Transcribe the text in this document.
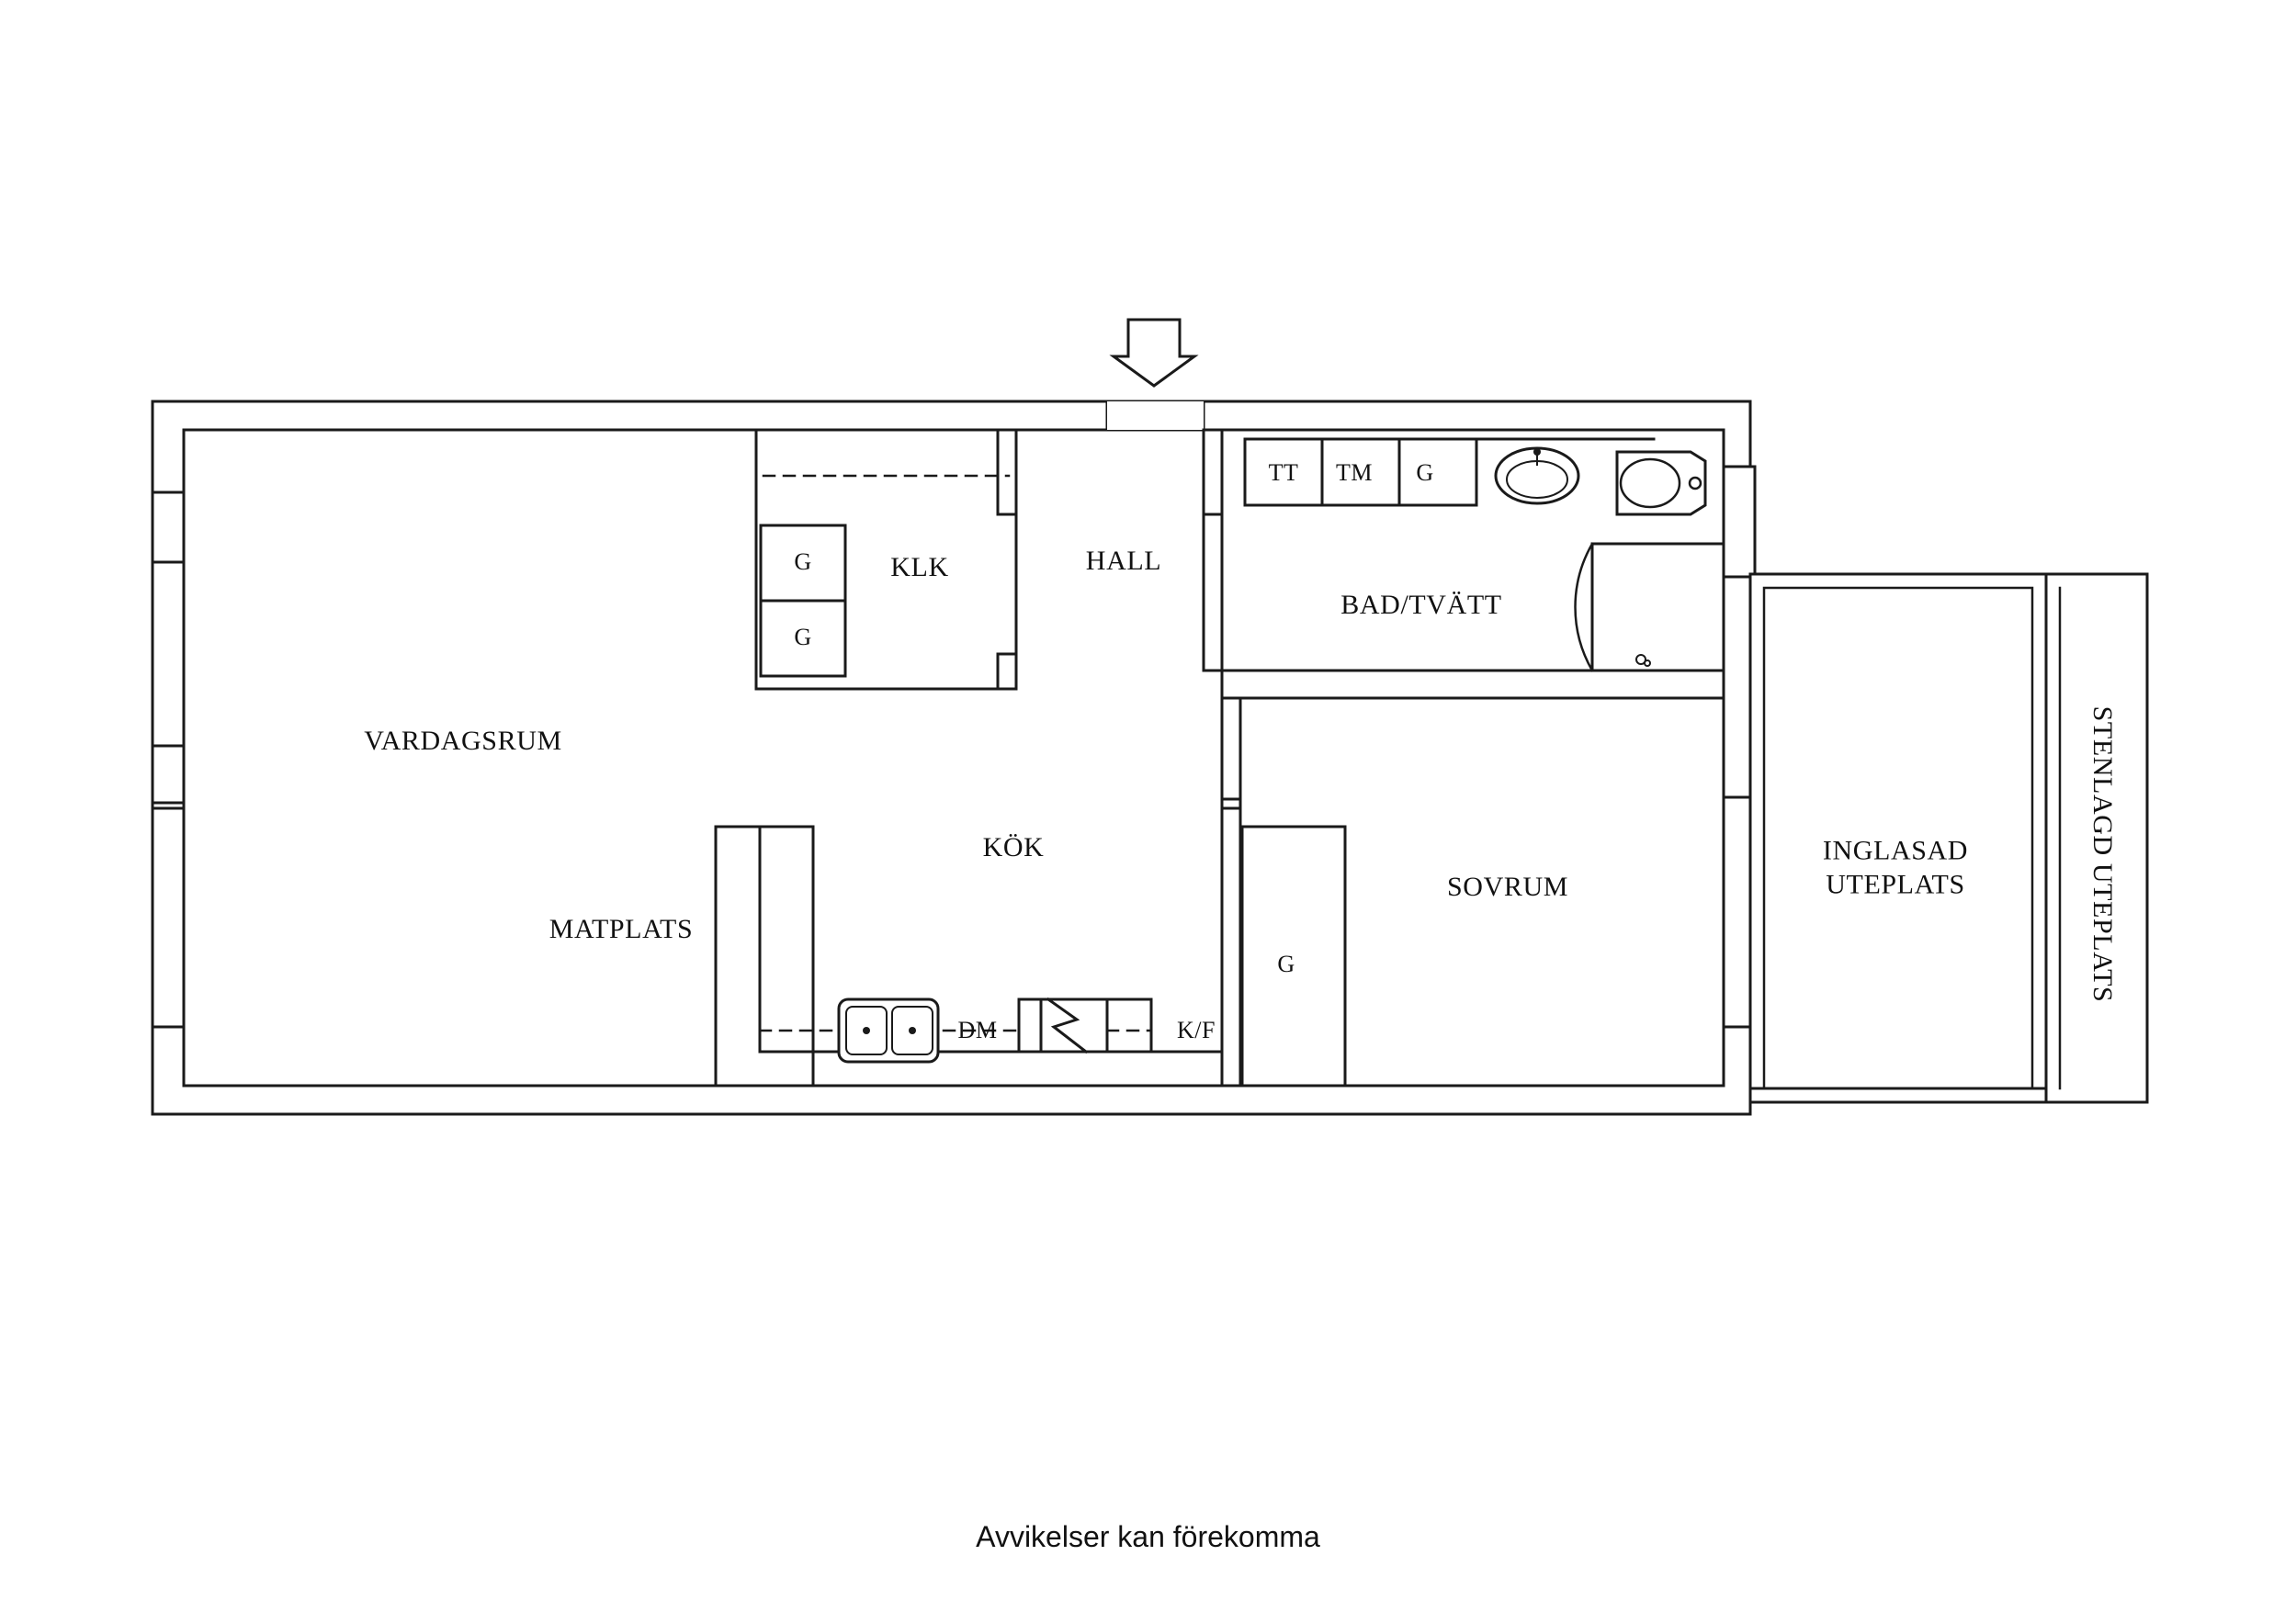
VARDAGSRUM
MATPLATS
KÖK
KLK	HALL
BAD/TVÄTT
SOVRUM
INGLASAD
UTEPLATS	STENLAGD UTEPLATS
G
G
G
TT TM G
DM	K/F
Avvikelser kan förekomma
